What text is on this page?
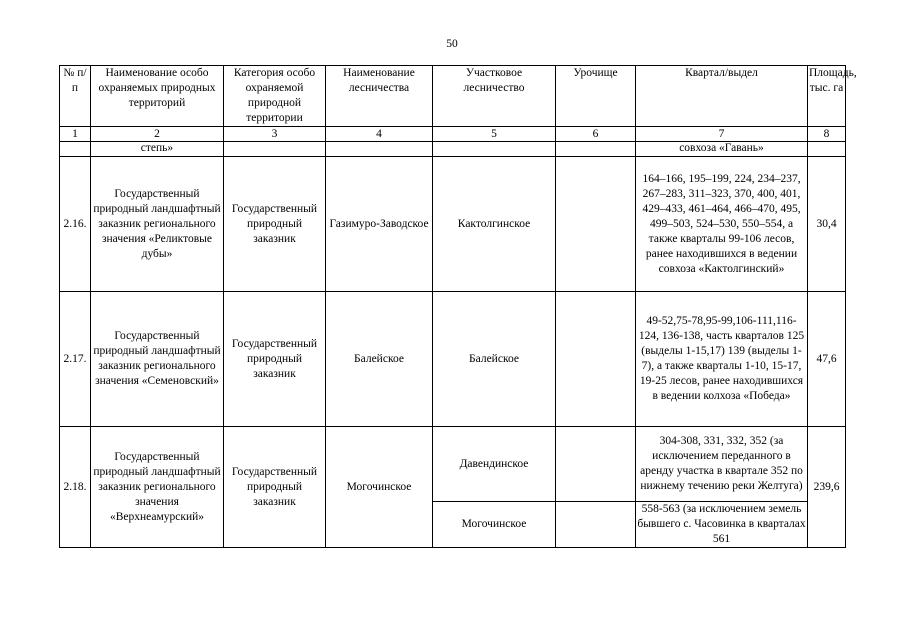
50
№ п/п	Наименование особо охраняемых природных территорий	Категория особо охраняемой природной территории	Наименование лесничества	Участковое лесничество	Урочище	Квартал/выдел	Площадь, тыс. га
1	2	3	4	5	6	7	8
	степь»					совхоза «Гавань»	
2.16.	Государственный природный ландшафтный заказник регионального значения «Реликтовые дубы»	Государственный природный заказник	Газимуро-Заводское	Кактолгинское		164–166, 195–199, 224, 234–237, 267–283, 311–323, 370, 400, 401, 429–433, 461–464, 466–470, 495, 499–503, 524–530, 550–554, а также кварталы 99-106 лесов, ранее находившихся в ведении совхоза «Кактолгинский»	30,4
2.17.	Государственный природный ландшафтный заказник регионального значения «Семеновский»	Государственный природный заказник	Балейское	Балейское		49-52,75-78,95-99,106-111,116-124, 136-138, часть кварталов 125 (выделы 1-15,17) 139 (выделы 1-7), а также кварталы 1-10, 15-17, 19-25 лесов, ранее находившихся в ведении колхоза «Победа»	47,6
2.18.	Государственный природный ландшафтный заказник регионального значения «Верхнеамурский»	Государственный природный заказник	Могочинское	Давендинское		304-308, 331, 332, 352 (за исключением переданного в аренду участка в квартале 352 по нижнему течению реки Желтуга)	239,6
				Могочинское		558-563 (за исключением земель бывшего с. Часовинка в кварталах 561	
